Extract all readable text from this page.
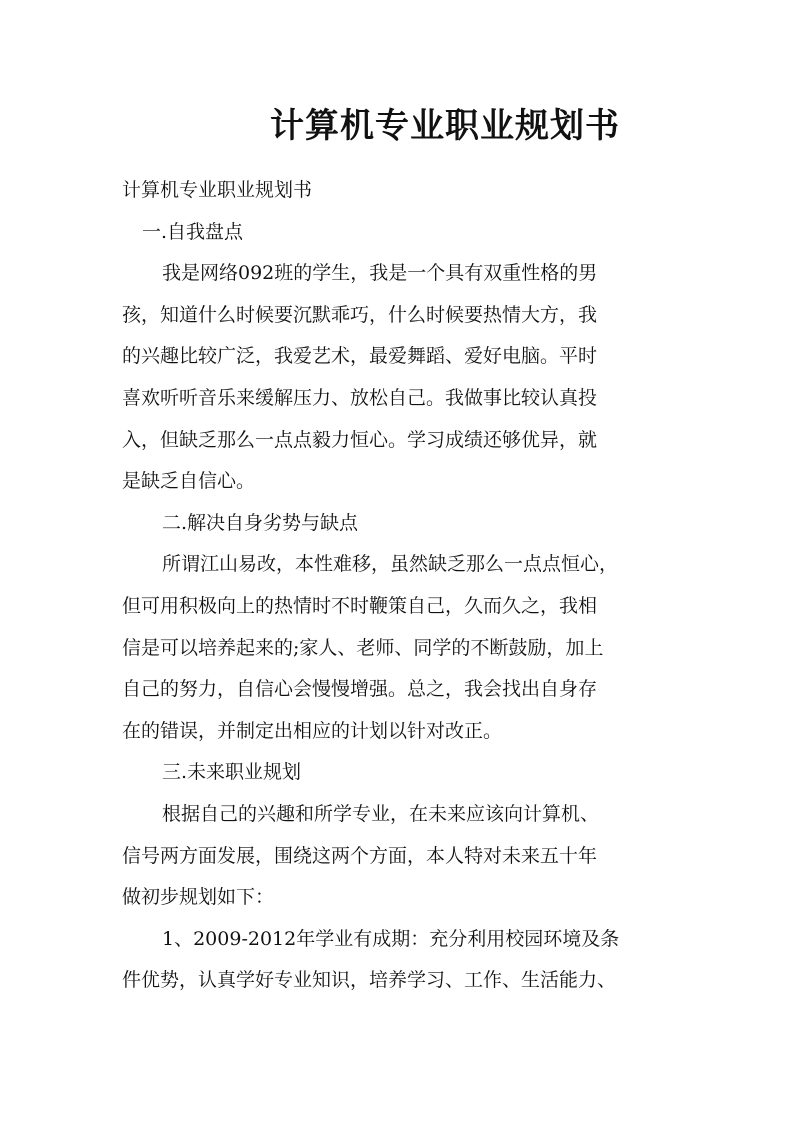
计算机专业职业规划书
计算机专业职业规划书
一.自我盘点
我是网络092班的学生，我是一个具有双重性格的男
孩，知道什么时候要沉默乖巧，什么时候要热情大方，我
的兴趣比较广泛，我爱艺术，最爱舞蹈、爱好电脑。平时
喜欢听听音乐来缓解压力、放松自己。我做事比较认真投
入，但缺乏那么一点点毅力恒心。学习成绩还够优异，就
是缺乏自信心。
二.解决自身劣势与缺点
所谓江山易改，本性难移，虽然缺乏那么一点点恒心，
但可用积极向上的热情时不时鞭策自己，久而久之，我相
信是可以培养起来的;家人、老师、同学的不断鼓励，加上
自己的努力，自信心会慢慢增强。总之，我会找出自身存
在的错误，并制定出相应的计划以针对改正。
三.未来职业规划
根据自己的兴趣和所学专业，在未来应该向计算机、
信号两方面发展，围绕这两个方面，本人特对未来五十年
做初步规划如下：
1、2009-2012年学业有成期：充分利用校园环境及条
件优势，认真学好专业知识，培养学习、工作、生活能力、
